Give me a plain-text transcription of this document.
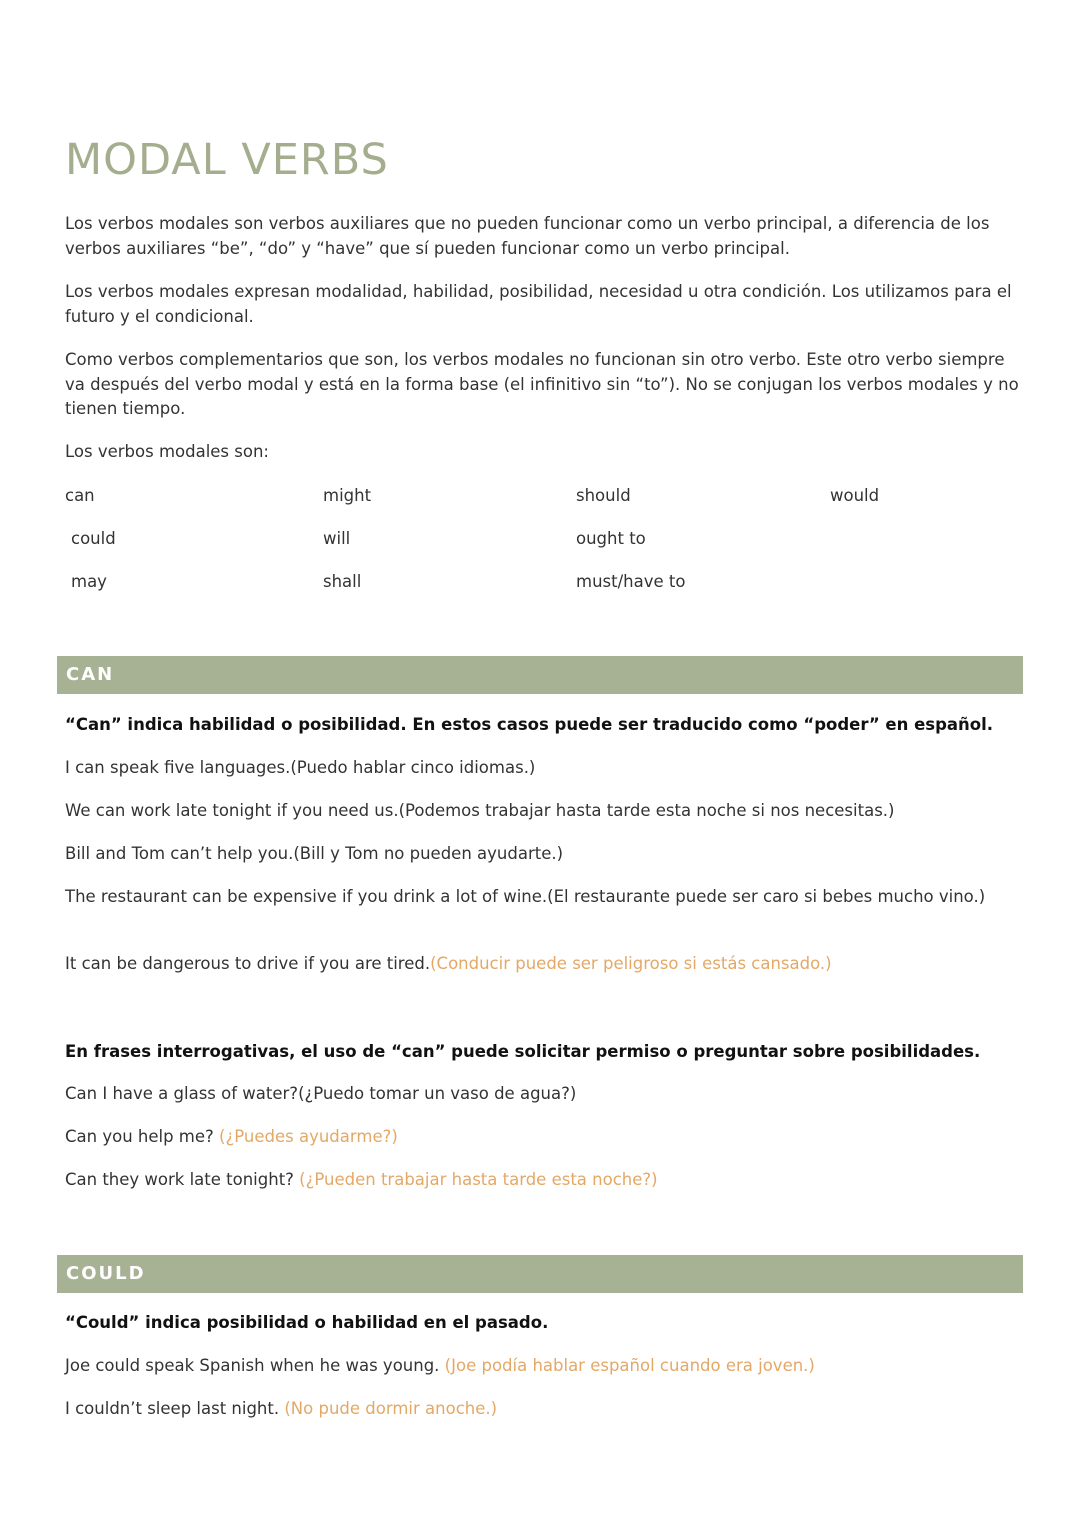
MODAL VERBS

Los verbos modales son verbos auxiliares que no pueden funcionar como un verbo principal, a diferencia de los verbos auxiliares “be”, “do” y “have” que sí pueden funcionar como un verbo principal.

Los verbos modales expresan modalidad, habilidad, posibilidad, necesidad u otra condición. Los utilizamos para el futuro y el condicional.

Como verbos complementarios que son, los verbos modales no funcionan sin otro verbo. Este otro verbo siempre va después del verbo modal y está en la forma base (el infinitivo sin “to”). No se conjugan los verbos modales y no tienen tiempo.

Los verbos modales son:

can	might	should	would
could	will	ought to
may	shall	must/have to
CAN

“Can” indica habilidad o posibilidad. En estos casos puede ser traducido como “poder” en español.

I can speak five languages.(Puedo hablar cinco idiomas.)

We can work late tonight if you need us.(Podemos trabajar hasta tarde esta noche si nos necesitas.)

Bill and Tom can’t help you.(Bill y Tom no pueden ayudarte.)

The restaurant can be expensive if you drink a lot of wine.(El restaurante puede ser caro si bebes mucho vino.)

It can be dangerous to drive if you are tired.(Conducir puede ser peligroso si estás cansado.)

En frases interrogativas, el uso de “can” puede solicitar permiso o preguntar sobre posibilidades.

Can I have a glass of water?(¿Puedo tomar un vaso de agua?)

Can you help me? (¿Puedes ayudarme?)

Can they work late tonight? (¿Pueden trabajar hasta tarde esta noche?)

COULD

“Could” indica posibilidad o habilidad en el pasado.

Joe could speak Spanish when he was young. (Joe podía hablar español cuando era joven.)

I couldn’t sleep last night. (No pude dormir anoche.)
